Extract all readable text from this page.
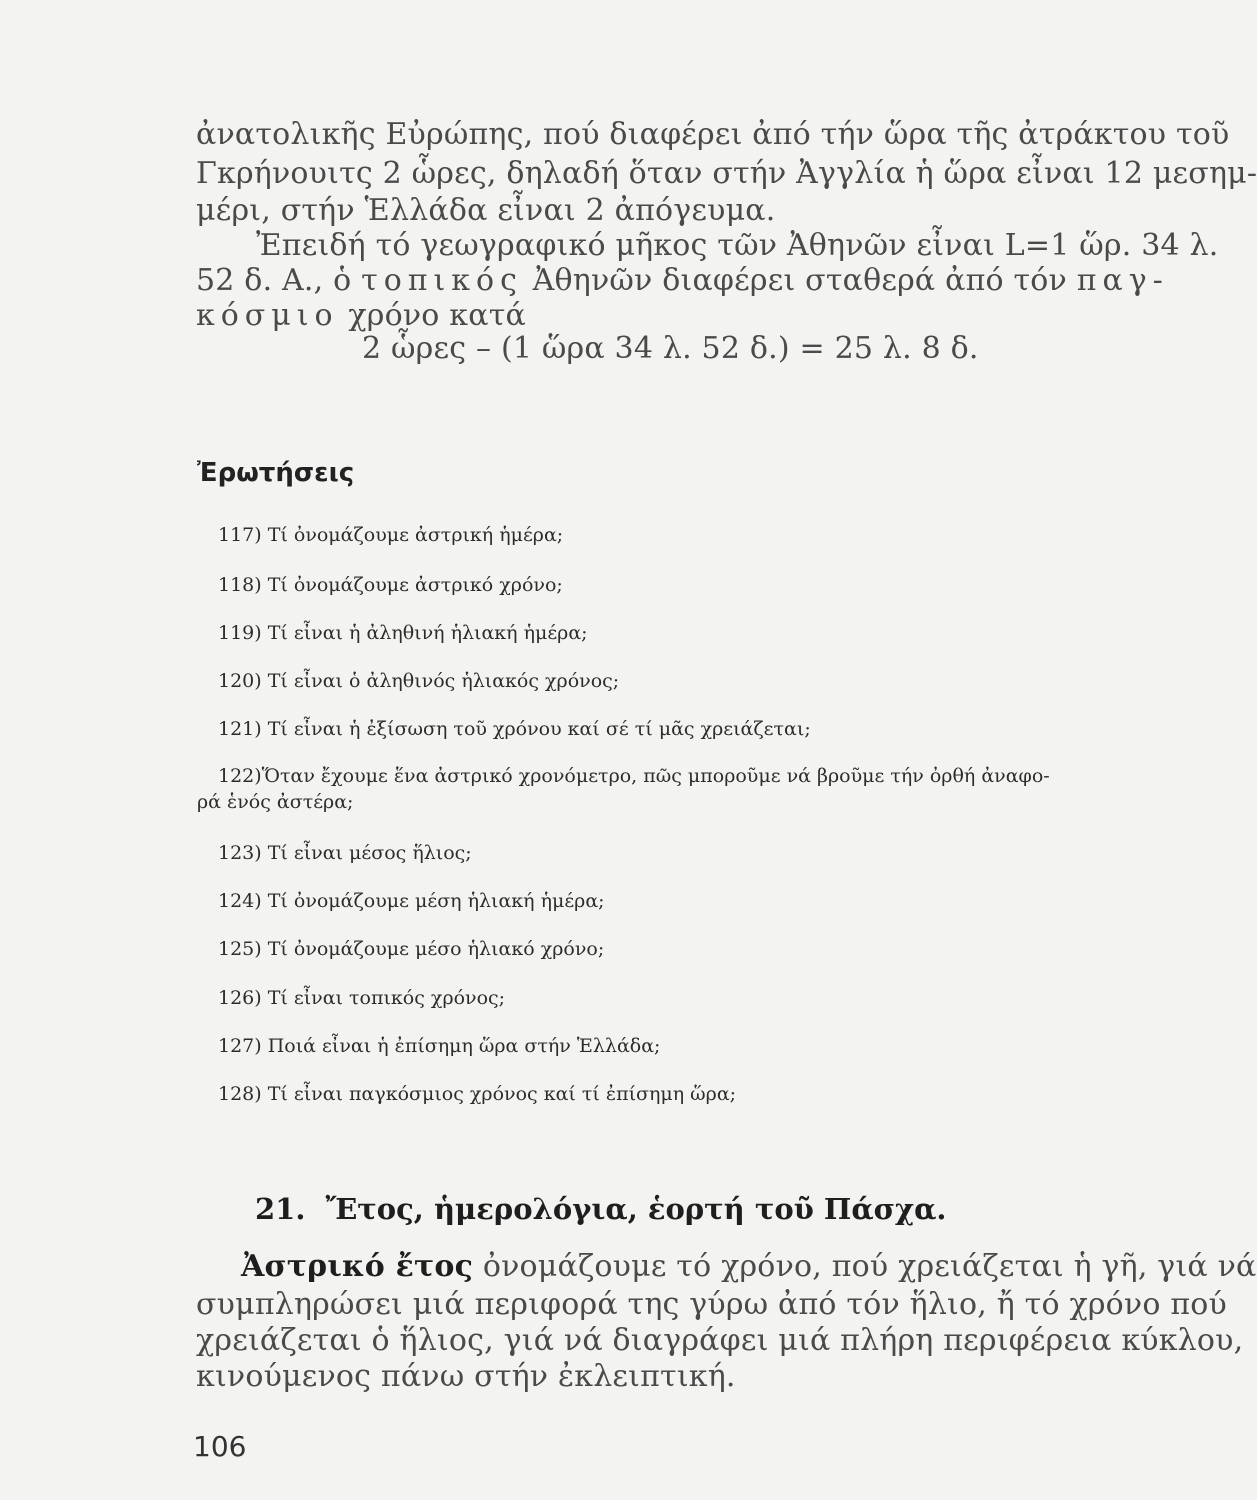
ἀνατολικῆς Εὐρώπης, πού διαφέρει ἀπό τήν ὥρα τῆς ἀτράκτου τοῦ
Γκρήνουιτς 2 ὧρες, δηλαδή ὅταν στήν Ἀγγλία ἡ ὥρα εἶναι 12 μεσημ-
μέρι, στήν Ἑλλάδα εἶναι 2 ἀπόγευμα.
Ἐπειδή τό γεωγραφικό μῆκος τῶν Ἀθηνῶν εἶναι L=1 ὥρ. 34 λ.
52 δ. Α., ὁ τοπικός Ἀθηνῶν διαφέρει σταθερά ἀπό τόν παγ-
κόσμιο χρόνο κατά
2 ὧρες – (1 ὥρα 34 λ. 52 δ.) = 25 λ. 8 δ.
Ἐρωτήσεις
117) Τί ὀνομάζουμε ἀστρική ἡμέρα;
118) Τί ὀνομάζουμε ἀστρικό χρόνο;
119) Τί εἶναι ἡ ἀληθινή ἡλιακή ἡμέρα;
120) Τί εἶναι ὁ ἀληθινός ἡλιακός χρόνος;
121) Τί εἶναι ἡ ἐξίσωση τοῦ χρόνου καί σέ τί μᾶς χρειάζεται;
122)Ὅταν ἔχουμε ἕνα ἀστρικό χρονόμετρο, πῶς μποροῦμε νά βροῦμε τήν ὀρθή ἀναφο-
ρά ἑνός ἀστέρα;
123) Τί εἶναι μέσος ἥλιος;
124) Τί ὀνομάζουμε μέση ἡλιακή ἡμέρα;
125) Τί ὀνομάζουμε μέσο ἡλιακό χρόνο;
126) Τί εἶναι τοπικός χρόνος;
127) Ποιά εἶναι ἡ ἐπίσημη ὥρα στήν Ἑλλάδα;
128) Τί εἶναι παγκόσμιος χρόνος καί τί ἐπίσημη ὥρα;
21. Ἔτος, ἡμερολόγια, ἑορτή τοῦ Πάσχα.
Ἀστρικό ἔτος ὀνομάζουμε τό χρόνο, πού χρειάζεται ἡ γῆ, γιά νά
συμπληρώσει μιά περιφορά της γύρω ἀπό τόν ἥλιο, ἤ τό χρόνο πού
χρειάζεται ὁ ἥλιος, γιά νά διαγράφει μιά πλήρη περιφέρεια κύκλου,
κινούμενος πάνω στήν ἐκλειπτική.
106
